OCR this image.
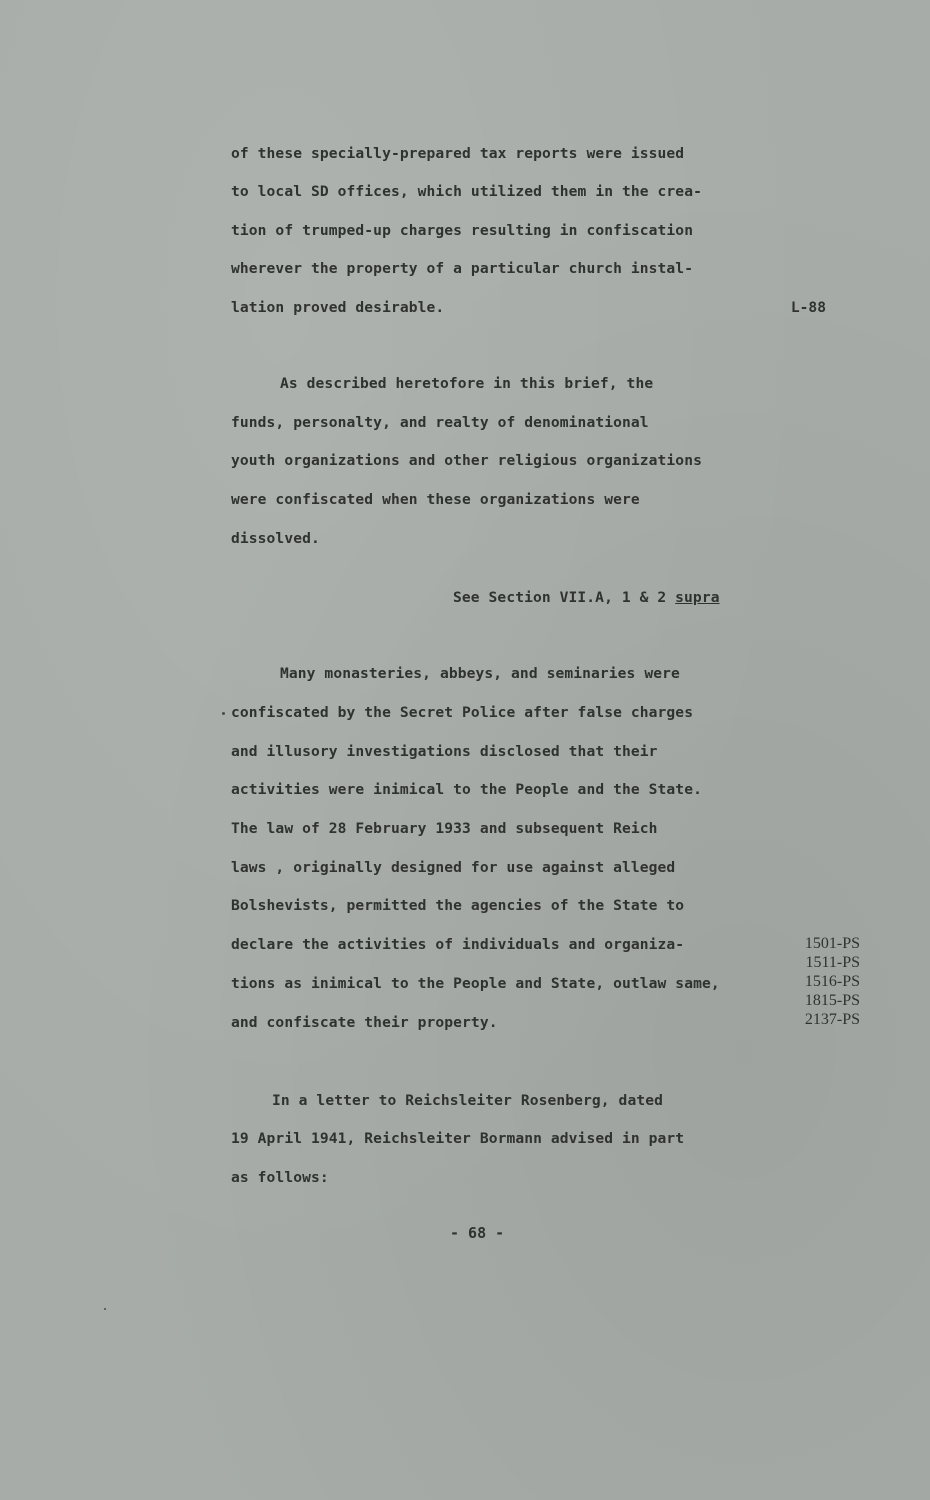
of these specially-prepared tax reports were issued
to local SD offices, which utilized them in the crea-
tion of trumped-up charges resulting in confiscation
wherever the property of a particular church instal-
lation proved desirable.	L-88
As described heretofore in this brief, the
funds, personalty, and realty of denominational
youth organizations and other religious organizations
were confiscated when these organizations were
dissolved.
See Section VII.A, 1 & 2 supra
Many monasteries, abbeys, and seminaries were
confiscated by the Secret Police after false charges
and illusory investigations disclosed that their
activities were inimical to the People and the State.
The law of 28 February 1933 and subsequent Reich
laws , originally designed for use against alleged
Bolshevists, permitted the agencies of the State to
declare the activities of individuals and organiza-
tions as inimical to the People and State, outlaw same,
and confiscate their property.
1501-PS
1511-PS
1516-PS
1815-PS
2137-PS
In a letter to Reichsleiter Rosenberg, dated
19 April 1941, Reichsleiter Bormann advised in part
as follows:
- 68 -
